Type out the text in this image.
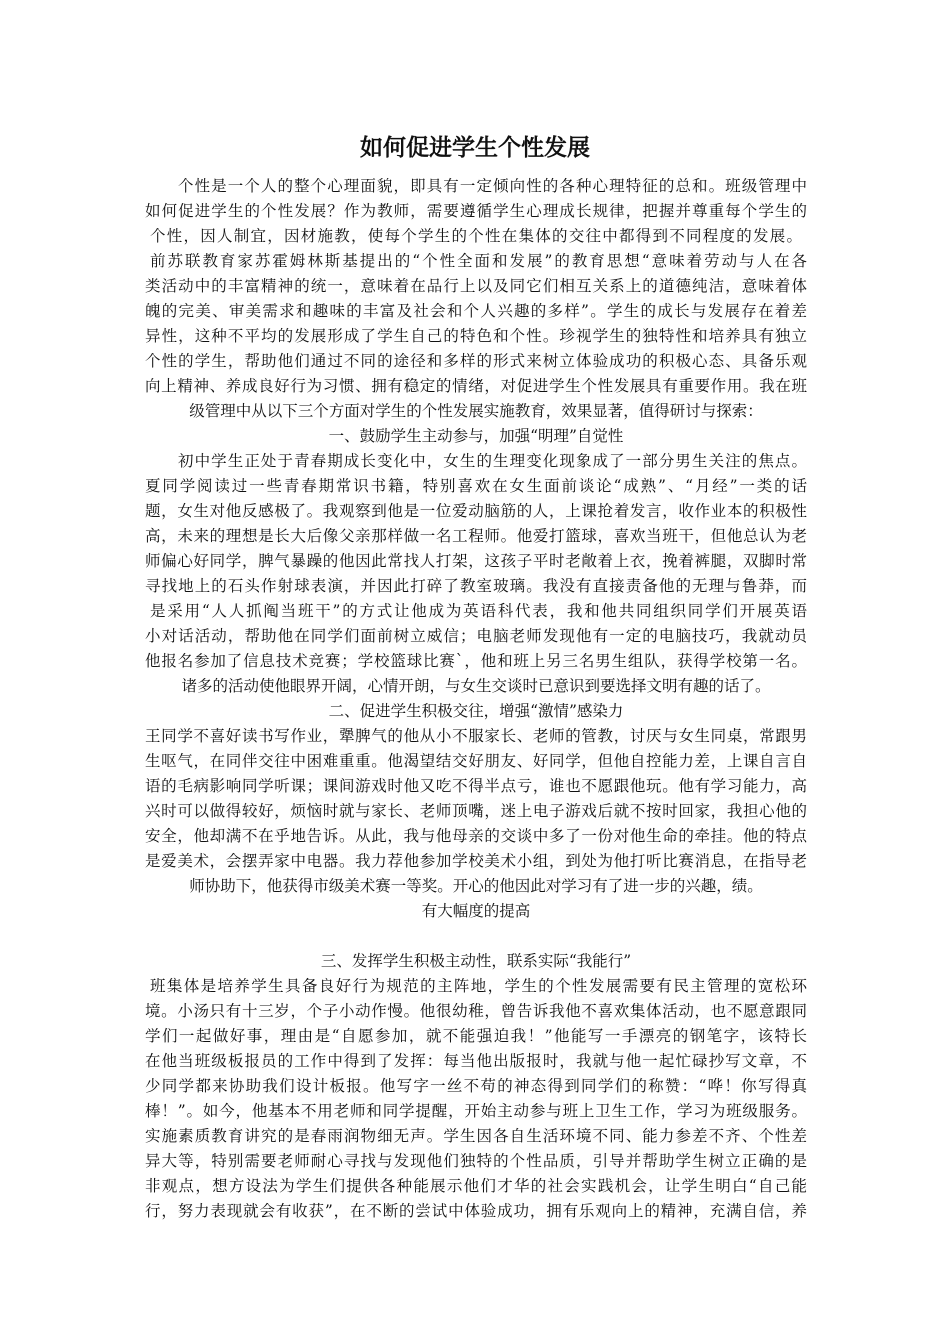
如何促进学生个性发展
个性是一个人的整个心理面貌，即具有一定倾向性的各种心理特征的总和。班级管理中
如何促进学生的个性发展？作为教师，需要遵循学生心理成长规律，把握并尊重每个学生的
个性，因人制宜，因材施教，使每个学生的个性在集体的交往中都得到不同程度的发展。
前苏联教育家苏霍姆林斯基提出的“个性全面和发展”的教育思想“意味着劳动与人在各
类活动中的丰富精神的统一，意味着在品行上以及同它们相互关系上的道德纯洁，意味着体
魄的完美、审美需求和趣味的丰富及社会和个人兴趣的多样”。学生的成长与发展存在着差
异性，这种不平均的发展形成了学生自己的特色和个性。珍视学生的独特性和培养具有独立
个性的学生，帮助他们通过不同的途径和多样的形式来树立体验成功的积极心态、具备乐观
向上精神、养成良好行为习惯、拥有稳定的情绪，对促进学生个性发展具有重要作用。我在班
级管理中从以下三个方面对学生的个性发展实施教育，效果显著，值得研讨与探索：
一、鼓励学生主动参与，加强“明理”自觉性
初中学生正处于青春期成长变化中，女生的生理变化现象成了一部分男生关注的焦点。
夏同学阅读过一些青春期常识书籍，特别喜欢在女生面前谈论“成熟”、“月经”一类的话
题，女生对他反感极了。我观察到他是一位爱动脑筋的人，上课抢着发言，收作业本的积极性
高，未来的理想是长大后像父亲那样做一名工程师。他爱打篮球，喜欢当班干，但他总认为老
师偏心好同学，脾气暴躁的他因此常找人打架，这孩子平时老敞着上衣，挽着裤腿，双脚时常
寻找地上的石头作射球表演，并因此打碎了教室玻璃。我没有直接责备他的无理与鲁莽，而
是采用“人人抓阄当班干”的方式让他成为英语科代表，我和他共同组织同学们开展英语
小对话活动，帮助他在同学们面前树立威信；电脑老师发现他有一定的电脑技巧，我就动员
他报名参加了信息技术竞赛；学校篮球比赛`，他和班上另三名男生组队，获得学校第一名。
诸多的活动使他眼界开阔，心情开朗，与女生交谈时已意识到要选择文明有趣的话了。
二、促进学生积极交往，增强“激情”感染力
王同学不喜好读书写作业，犟脾气的他从小不服家长、老师的管教，讨厌与女生同桌，常跟男
生呕气，在同伴交往中困难重重。他渴望结交好朋友、好同学，但他自控能力差，上课自言自
语的毛病影响同学听课；课间游戏时他又吃不得半点亏，谁也不愿跟他玩。他有学习能力，高
兴时可以做得较好，烦恼时就与家长、老师顶嘴，迷上电子游戏后就不按时回家，我担心他的
安全，他却满不在乎地告诉。从此，我与他母亲的交谈中多了一份对他生命的牵挂。他的特点
是爱美术，会摆弄家中电器。我力荐他参加学校美术小组，到处为他打听比赛消息，在指导老
师协助下，他获得市级美术赛一等奖。开心的他因此对学习有了进一步的兴趣，绩。
有大幅度的提高
三、发挥学生积极主动性，联系实际“我能行”
班集体是培养学生具备良好行为规范的主阵地，学生的个性发展需要有民主管理的宽松环
境。小汤只有十三岁，个子小动作慢。他很幼稚，曾告诉我他不喜欢集体活动，也不愿意跟同
学们一起做好事，理由是“自愿参加，就不能强迫我！”他能写一手漂亮的钢笔字，该特长
在他当班级板报员的工作中得到了发挥：每当他出版报时，我就与他一起忙碌抄写文章，不
少同学都来协助我们设计板报。他写字一丝不苟的神态得到同学们的称赞：“哗！你写得真
棒！”。如今，他基本不用老师和同学提醒，开始主动参与班上卫生工作，学习为班级服务。
实施素质教育讲究的是春雨润物细无声。学生因各自生活环境不同、能力参差不齐、个性差
异大等，特别需要老师耐心寻找与发现他们独特的个性品质，引导并帮助学生树立正确的是
非观点，想方设法为学生们提供各种能展示他们才华的社会实践机会，让学生明白“自己能
行，努力表现就会有收获”，在不断的尝试中体验成功，拥有乐观向上的精神，充满自信，养
